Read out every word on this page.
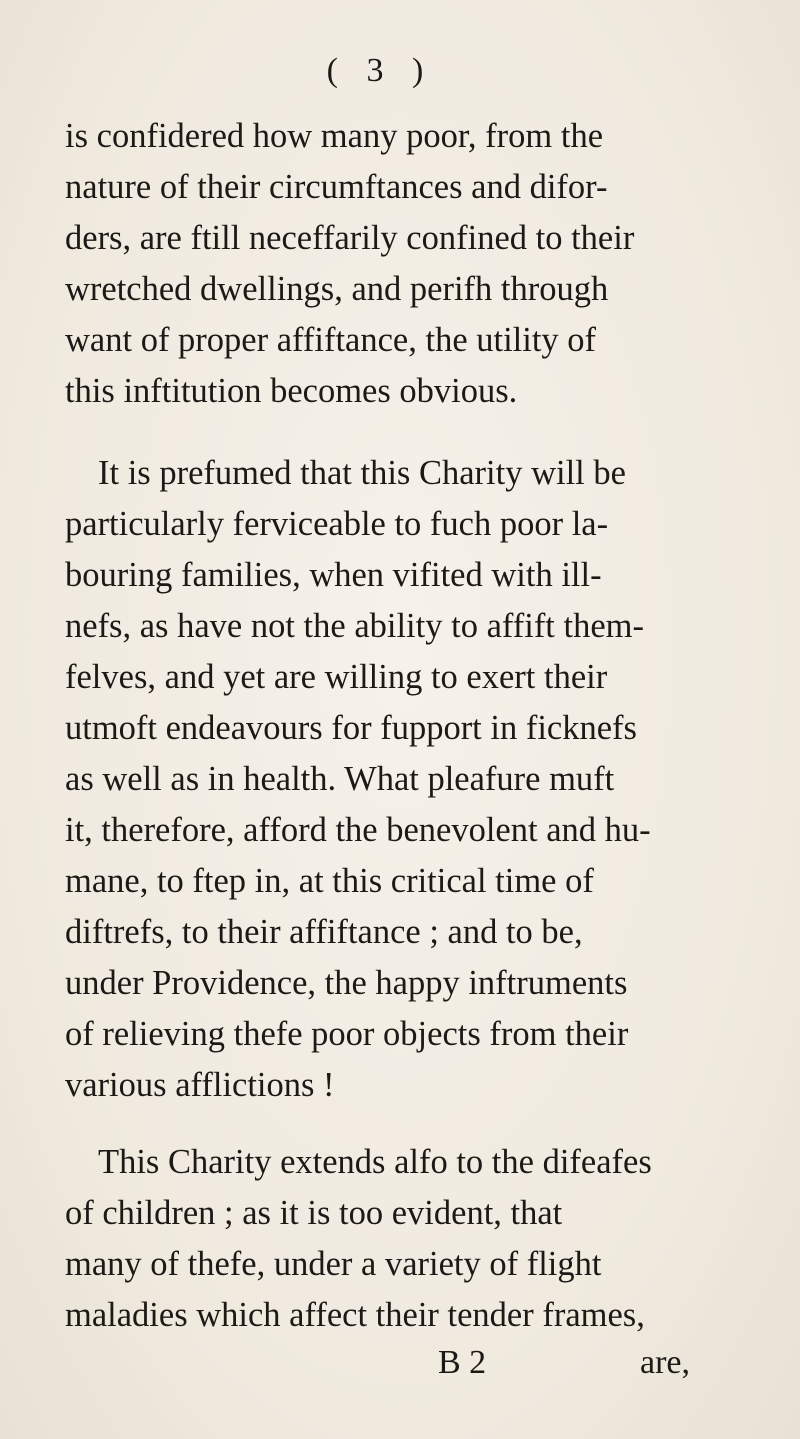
( 3 )
is confidered how many poor, from the
nature of their circumftances and difor-
ders, are ftill neceffarily confined to their
wretched dwellings, and perifh through
want of proper affiftance, the utility of
this inftitution becomes obvious.
It is prefumed that this Charity will be
particularly ferviceable to fuch poor la-
bouring families, when vifited with ill-
nefs, as have not the ability to affift them-
felves, and yet are willing to exert their
utmoft endeavours for fupport in ficknefs
as well as in health. What pleafure muft
it, therefore, afford the benevolent and hu-
mane, to ftep in, at this critical time of
diftrefs, to their affiftance ; and to be,
under Providence, the happy inftruments
of relieving thefe poor objects from their
various afflictions !
This Charity extends alfo to the difeafes
of children ; as it is too evident, that
many of thefe, under a variety of flight
maladies which affect their tender frames,
B 2	are,
